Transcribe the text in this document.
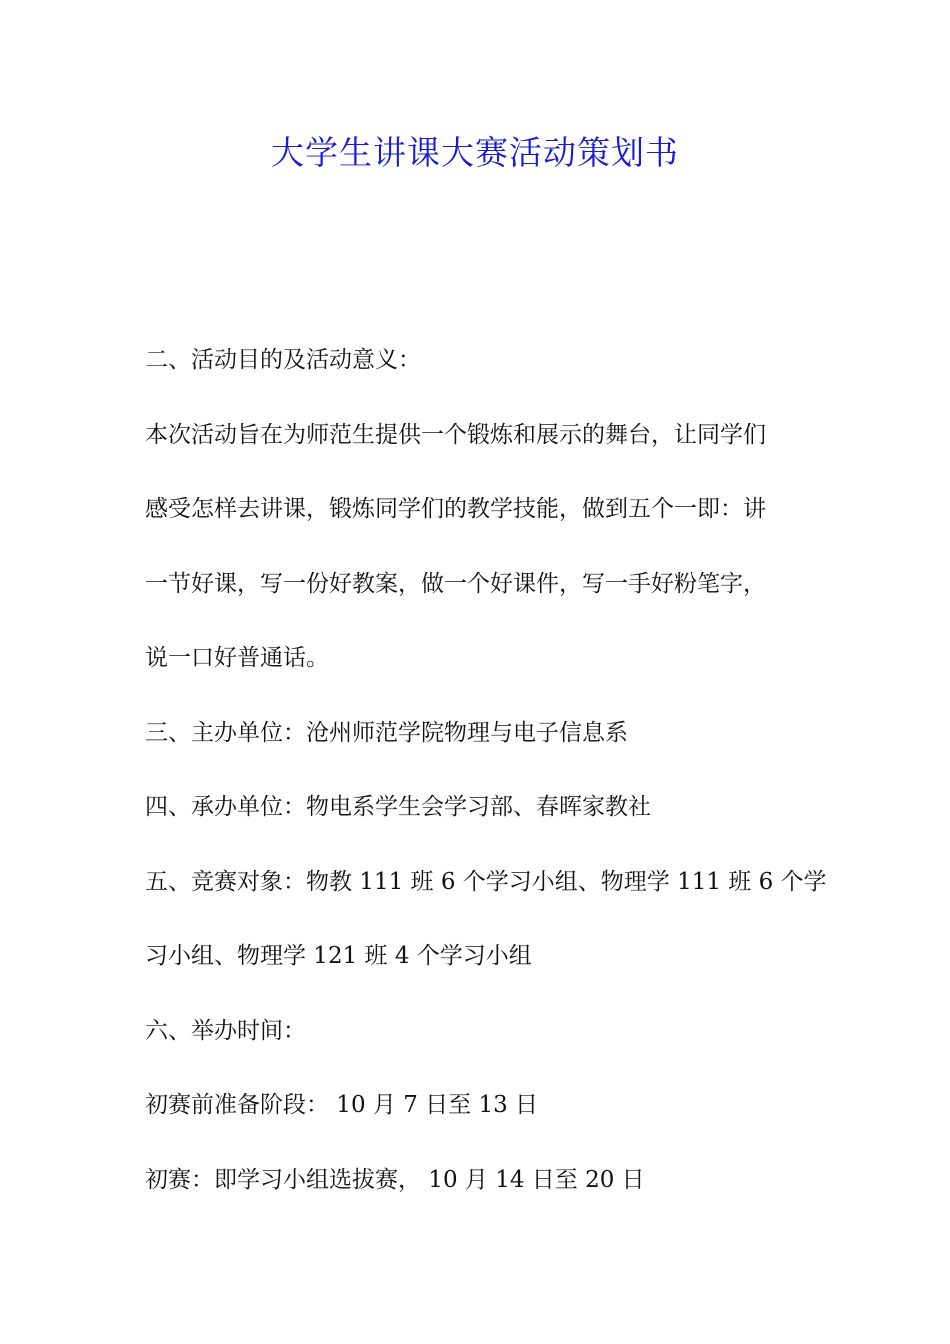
大学生讲课大赛活动策划书

二、活动目的及活动意义：

本次活动旨在为师范生提供一个锻炼和展示的舞台，让同学们

感受怎样去讲课，锻炼同学们的教学技能，做到五个一即：讲

一节好课，写一份好教案，做一个好课件，写一手好粉笔字，

说一口好普通话。

三、主办单位：沧州师范学院物理与电子信息系

四、承办单位：物电系学生会学习部、春晖家教社

五、竞赛对象：物教 111 班 6 个学习小组、物理学 111 班 6 个学

习小组、物理学 121 班 4 个学习小组

六、举办时间：

初赛前准备阶段： 10 月 7 日至 13 日

初赛：即学习小组选拔赛， 10 月 14 日至 20 日
